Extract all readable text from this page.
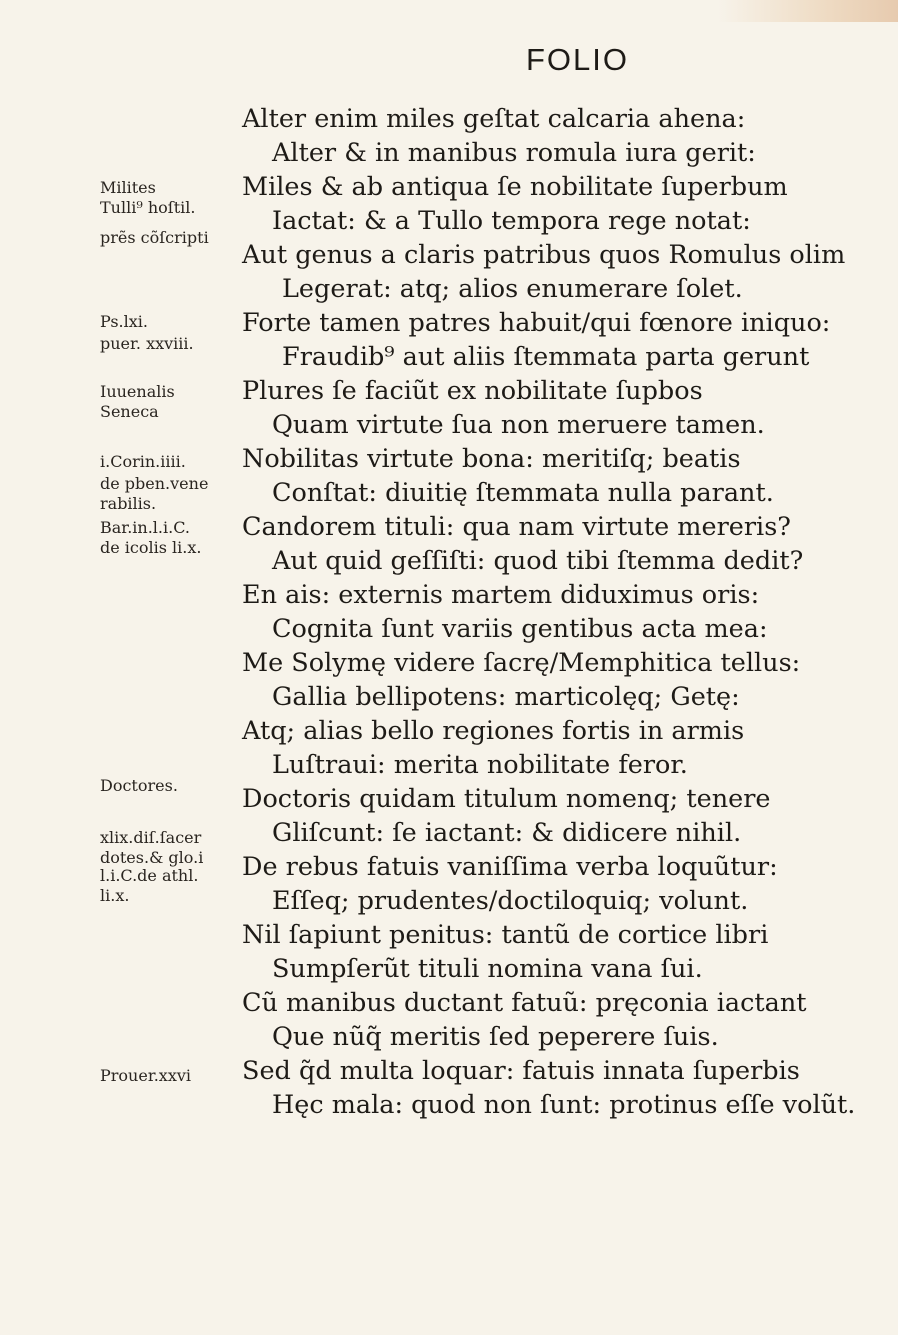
FOLIO
Alter enim miles geſtat calcaria ahena:
Alter & in manibus romula iura gerit:
Miles & ab antiqua ſe nobilitate ſuperbum
Iactat: & a Tullo tempora rege notat:
Aut genus a claris patribus quos Romulus olim
Legerat: atq; alios enumerare ſolet.
Forte tamen patres habuit/qui fœnore iniquo:
Fraudib⁹ aut aliis ſtemmata parta gerunt
Plures ſe faciũt ex nobilitate ſupbos
Quam virtute ſua non meruere tamen.
Nobilitas virtute bona: meritiſq; beatis
Conſtat: diuitię ſtemmata nulla parant.
Candorem tituli: qua nam virtute mereris?
Aut quid geſſiſti: quod tibi ſtemma dedit?
En ais: externis martem diduximus oris:
Cognita ſunt variis gentibus acta mea:
Me Solymę videre ſacrę/Memphitica tellus:
Gallia bellipotens: marticolęq; Getę:
Atq; alias bello regiones fortis in armis
Luſtraui: merita nobilitate feror.
Doctoris quidam titulum nomenq; tenere
Gliſcunt: ſe iactant: & didicere nihil.
De rebus fatuis vaniſſima verba loquũtur:
Eſſeq; prudentes/doctiloquiq; volunt.
Nil ſapiunt penitus: tantũ de cortice libri
Sumpſerũt tituli nomina vana ſui.
Cũ manibus ductant fatuũ: pręconia iactant
Que nũq̃ meritis ſed peperere ſuis.
Sed q̃d multa loquar: fatuis innata ſuperbis
Hęc mala: quod non ſunt: protinus eſſe volũt.
Milites
Tulli⁹ hoſtil.
prẽs cõſcripti
Ps.lxi.
puer. xxviii.
Iuuenalis
Seneca
i.Corin.iiii.
de pben.vene
rabilis.
Bar.in.l.i.C.
de icolis li.x.
Doctores.
xlix.diſ.ſacer
dotes.& glo.i
l.i.C.de athl.
li.x.
Prouer.xxvi
